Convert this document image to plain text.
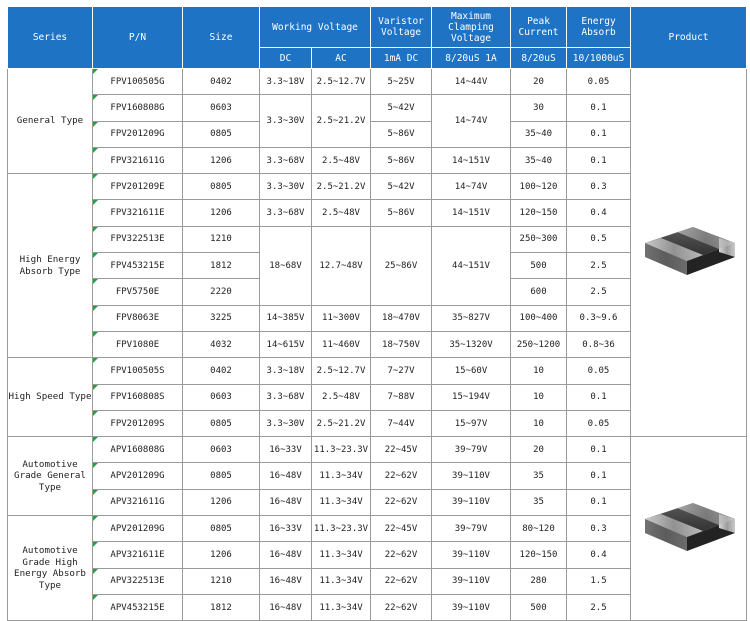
Series	P/N	Size	Working Voltage		Varistor Voltage	Maximum Clamping Voltage	Peak Current	Energy Absorb	Product
			DC	AC	1mA DC	8/20uS 1A	8/20uS	10/1000uS	
General Type	FPV100505G	0402	3.3~18V	2.5~12.7V	5~25V	14~44V	20	0.05	
	FPV160808G	0603	3.3~30V	2.5~21.2V	5~42V	14~74V	30	0.1	
	FPV201209G	0805			5~86V		35~40	0.1	
	FPV321611G	1206	3.3~68V	2.5~48V	5~86V	14~151V	35~40	0.1	
High Energy Absorb Type	FPV201209E	0805	3.3~30V	2.5~21.2V	5~42V	14~74V	100~120	0.3	
	FPV321611E	1206	3.3~68V	2.5~48V	5~86V	14~151V	120~150	0.4	
	FPV322513E	1210	18~68V	12.7~48V	25~86V	44~151V	250~300	0.5	
	FPV453215E	1812					500	2.5	
	FPV5750E	2220					600	2.5	
	FPV8063E	3225	14~385V	11~300V	18~470V	35~827V	100~400	0.3~9.6	
	FPV1080E	4032	14~615V	11~460V	18~750V	35~1320V	250~1200	0.8~36	
High Speed Type	FPV100505S	0402	3.3~18V	2.5~12.7V	7~27V	15~60V	10	0.05	
	FPV160808S	0603	3.3~68V	2.5~48V	7~88V	15~194V	10	0.1	
	FPV201209S	0805	3.3~30V	2.5~21.2V	7~44V	15~97V	10	0.05	
Automotive Grade General Type	APV160808G	0603	16~33V	11.3~23.3V	22~45V	39~79V	20	0.1	
	APV201209G	0805	16~48V	11.3~34V	22~62V	39~110V	35	0.1	
	APV321611G	1206	16~48V	11.3~34V	22~62V	39~110V	35	0.1	
Automotive Grade High Energy Absorb Type	APV201209G	0805	16~33V	11.3~23.3V	22~45V	39~79V	80~120	0.3	
	APV321611E	1206	16~48V	11.3~34V	22~62V	39~110V	120~150	0.4	
	APV322513E	1210	16~48V	11.3~34V	22~62V	39~110V	280	1.5	
	APV453215E	1812	16~48V	11.3~34V	22~62V	39~110V	500	2.5	
